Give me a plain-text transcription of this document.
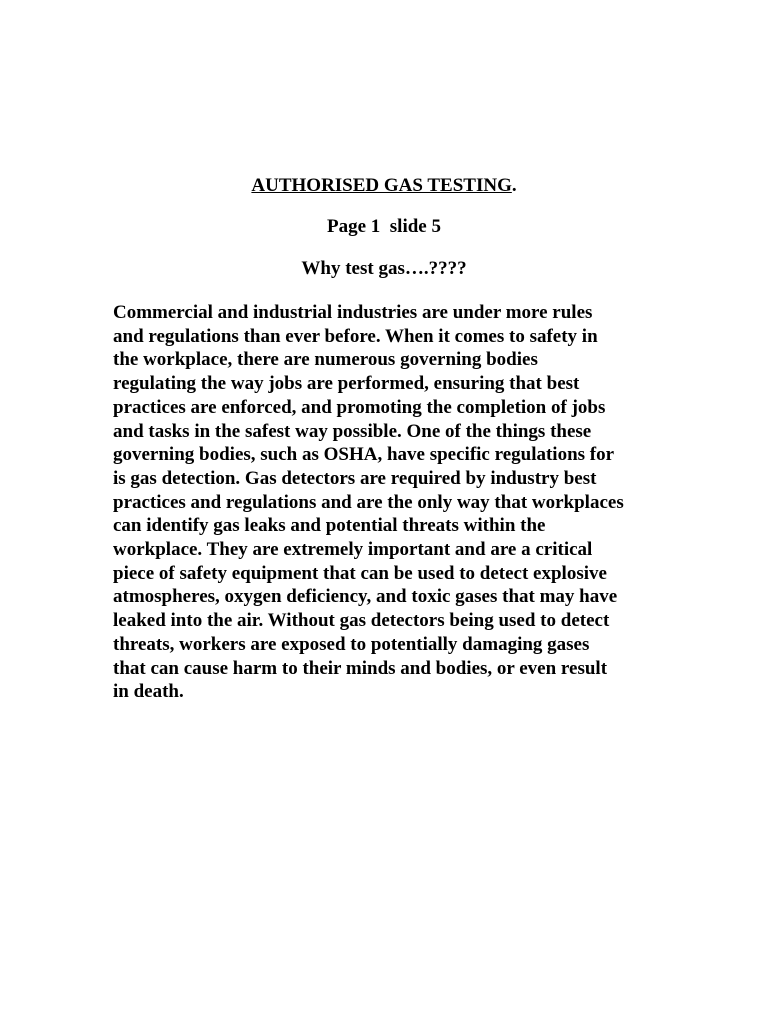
AUTHORISED GAS TESTING.

Page 1  slide 5

Why test gas….????

Commercial and industrial industries are under more rules
and regulations than ever before. When it comes to safety in
the workplace, there are numerous governing bodies
regulating the way jobs are performed, ensuring that best
practices are enforced, and promoting the completion of jobs
and tasks in the safest way possible. One of the things these
governing bodies, such as OSHA, have specific regulations for
is gas detection. Gas detectors are required by industry best
practices and regulations and are the only way that workplaces
can identify gas leaks and potential threats within the
workplace. They are extremely important and are a critical
piece of safety equipment that can be used to detect explosive
atmospheres, oxygen deficiency, and toxic gases that may have
leaked into the air. Without gas detectors being used to detect
threats, workers are exposed to potentially damaging gases
that can cause harm to their minds and bodies, or even result
in death.
